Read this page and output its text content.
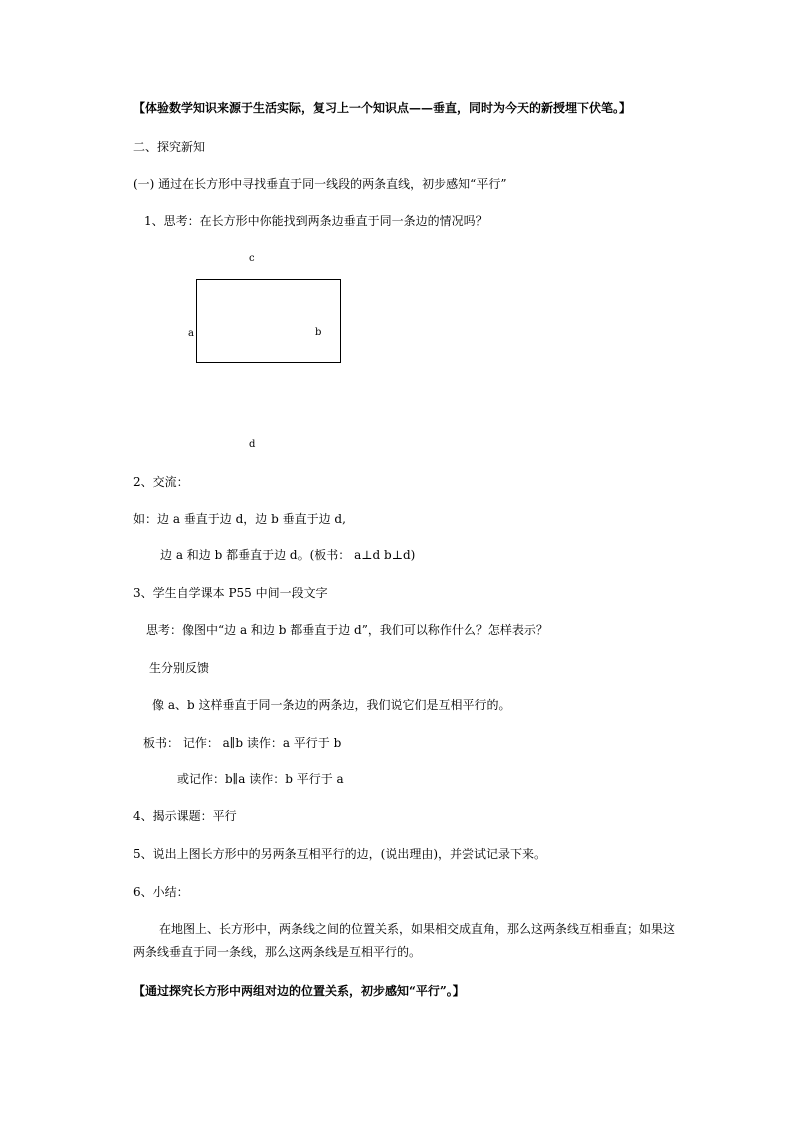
【体验数学知识来源于生活实际，复习上一个知识点——垂直，同时为今天的新授埋下伏笔。】
二、探究新知
(一) 通过在长方形中寻找垂直于同一线段的两条直线，初步感知“平行”
1、思考：在长方形中你能找到两条边垂直于同一条边的情况吗？
c
a	b
d
2、交流：
如：边 a 垂直于边 d，边 b 垂直于边 d,
边 a 和边 b 都垂直于边 d。(板书： a⊥d b⊥d)
3、学生自学课本 P55 中间一段文字
思考：像图中“边 a 和边 b 都垂直于边 d”，我们可以称作什么？怎样表示？
生分别反馈
像 a、b 这样垂直于同一条边的两条边，我们说它们是互相平行的。
板书： 记作： a∥b 读作：a 平行于 b
或记作：b∥a 读作：b 平行于 a
4、揭示课题：平行
5、说出上图长方形中的另两条互相平行的边，(说出理由)，并尝试记录下来。
6、小结：
在地图上、长方形中，两条线之间的位置关系，如果相交成直角，那么这两条线互相垂直；如果这
两条线垂直于同一条线，那么这两条线是互相平行的。
【通过探究长方形中两组对边的位置关系，初步感知“平行”。】
